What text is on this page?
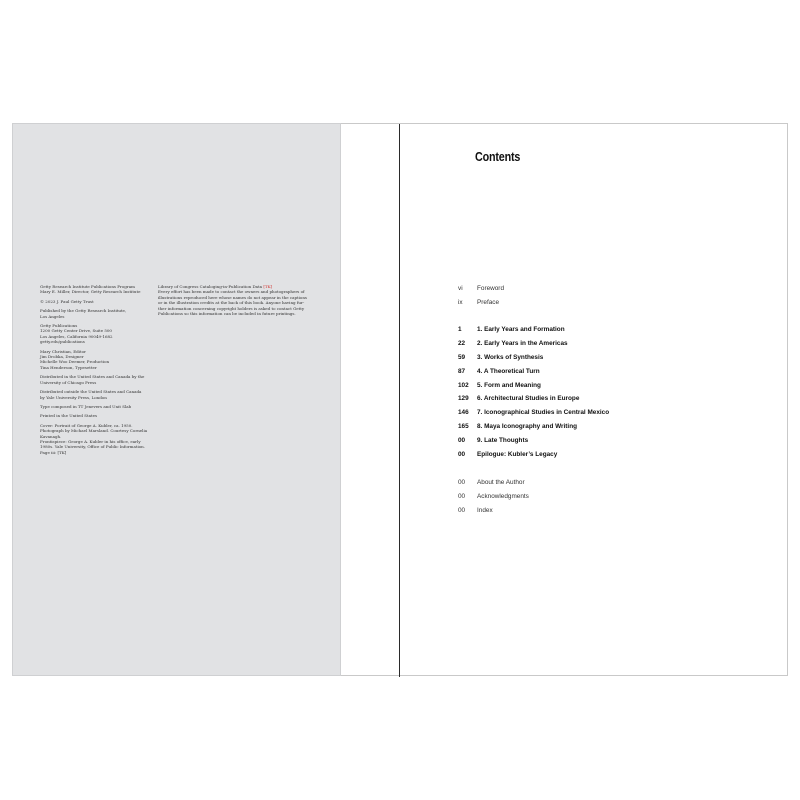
Getty Research Institute Publications Program

Mary E. Miller, Director, Getty Research Institute

© 2023 J. Paul Getty Trust

Published by the Getty Research Institute,

Los Angeles

Getty Publications

1200 Getty Center Drive, Suite 500

Los Angeles, California 90049-1682

getty.edu/publications

Mary Christian, Editor

Jim Drobka, Designer

Michelle Woo Deemer, Production

Tina Henderson, Typesetter

Distributed in the United States and Canada by the

University of Chicago Press

Distributed outside the United States and Canada

by Yale University Press, London

Type composed in TT Jenevers and Unit Slab

Printed in the United States

Cover: Portrait of George A. Kubler, ca. 1950.

Photograph by Michael Marsland. Courtesy Cornelia

Kavanagh.

Frontispiece: George A. Kubler in his office, early

1980s. Yale University, Office of Public Information.

Page iii: [TK]

Library of Congress Cataloging-in-Publication Data [TK]

Every effort has been made to contact the owners and photographers of

illustrations reproduced here whose names do not appear in the captions

or in the illustration credits at the back of this book. Anyone having fur-

ther information concerning copyright holders is asked to contact Getty

Publications so this information can be included in future printings.

Contents
vi	Foreword
ix	Preface
1	1. Early Years and Formation
22	2. Early Years in the Americas
59	3. Works of Synthesis
87	4. A Theoretical Turn
102	5. Form and Meaning
129	6. Architectural Studies in Europe
146	7. Iconographical Studies in Central Mexico
165	8. Maya Iconography and Writing
00	9. Late Thoughts
00	Epilogue: Kubler’s Legacy
00	About the Author
00	Acknowledgments
00	Index
